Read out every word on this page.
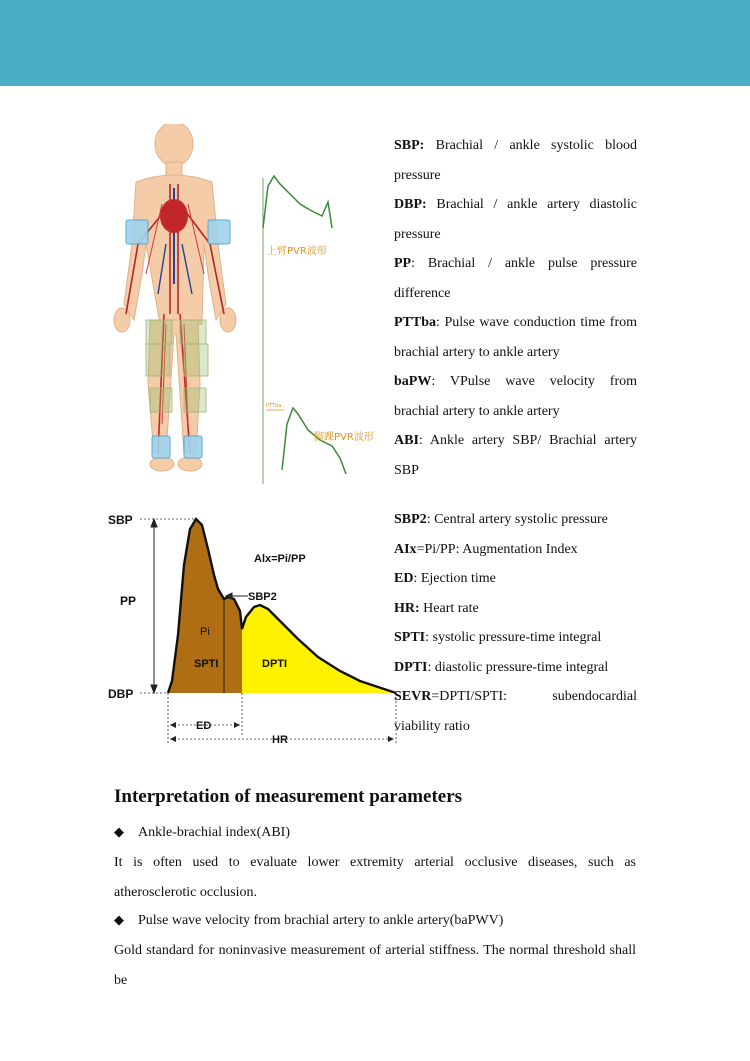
PTTba
上臂PVR波形
脚踝PVR波形

SBP: Brachial / ankle systolic blood pressure

DBP: Brachial / ankle artery diastolic pressure

PP: Brachial / ankle pulse pressure difference

PTTba: Pulse wave conduction time from brachial artery to ankle artery

baPW: VPulse wave velocity from brachial artery to ankle artery

ABI: Ankle artery SBP/ Brachial artery SBP

SBP
PP
DBP
Alx=Pi/PP
SBP2
Pi
SPTI	DPTI
ED
HR

SBP2: Central artery systolic pressure

AIx=Pi/PP: Augmentation Index

ED: Ejection time

HR: Heart rate

SPTI: systolic pressure-time integral

DPTI: diastolic pressure-time integral

SEVR=DPTI/SPTI: subendocardial viability ratio

Interpretation of measurement parameters
◆ Ankle-brachial index(ABI)

It is often used to evaluate lower extremity arterial occlusive diseases, such as atherosclerotic occlusion.

◆ Pulse wave velocity from brachial artery to ankle artery(baPWV)

Gold standard for noninvasive measurement of arterial stiffness. The normal threshold shall be
